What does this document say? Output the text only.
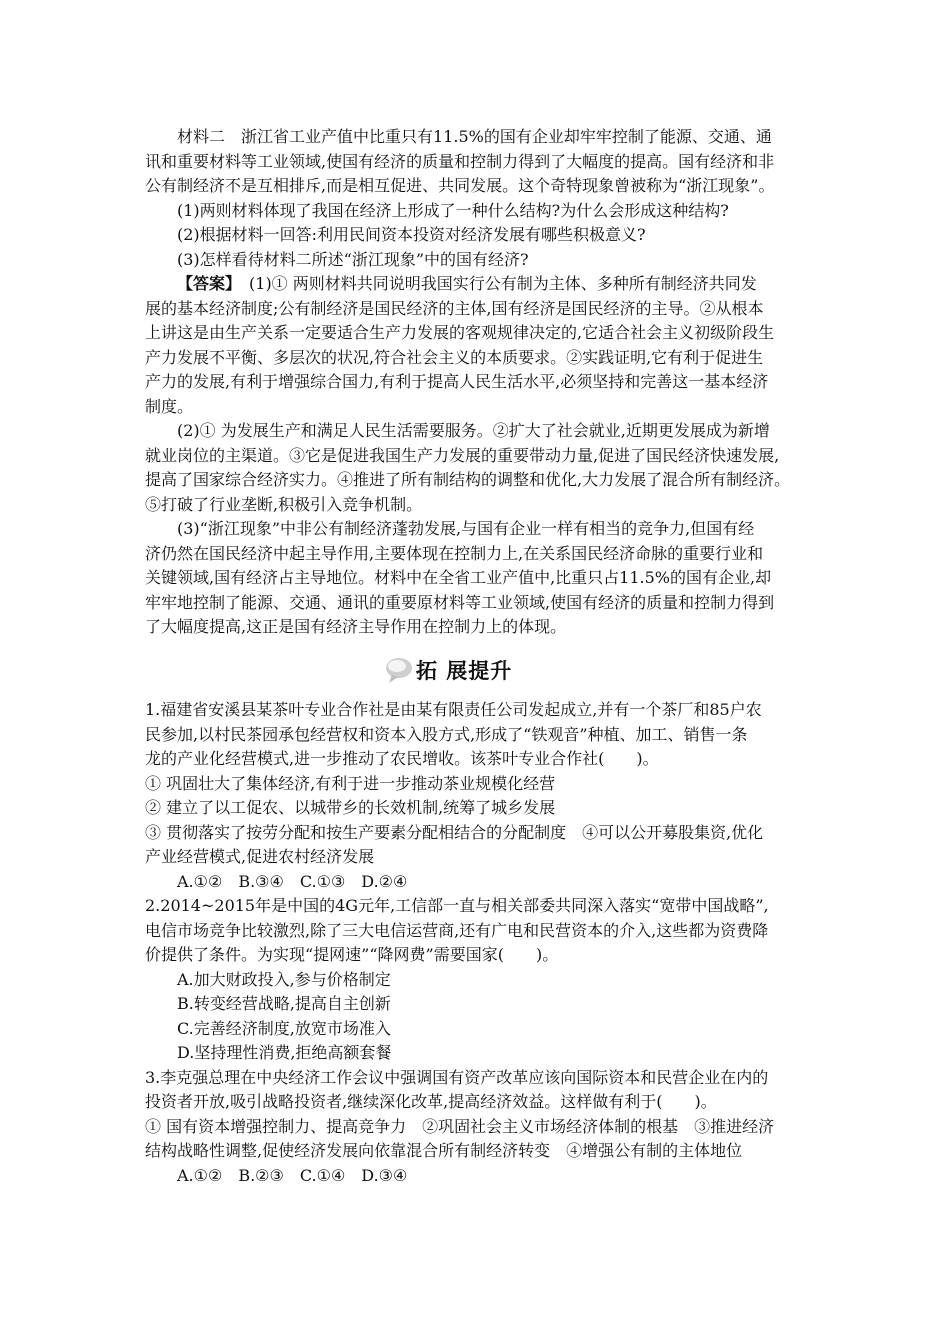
材料二　浙江省工业产值中比重只有11.5%的国有企业却牢牢控制了能源、交通、通
讯和重要材料等工业领域,使国有经济的质量和控制力得到了大幅度的提高。国有经济和非
公有制经济不是互相排斥,而是相互促进、共同发展。这个奇特现象曾被称为“浙江现象”。
(1)两则材料体现了我国在经济上形成了一种什么结构?为什么会形成这种结构?
(2)根据材料一回答:利用民间资本投资对经济发展有哪些积极意义?
(3)怎样看待材料二所述“浙江现象”中的国有经济?
【答案】　(1)① 两则材料共同说明我国实行公有制为主体、多种所有制经济共同发
展的基本经济制度;公有制经济是国民经济的主体,国有经济是国民经济的主导。②从根本
上讲这是由生产关系一定要适合生产力发展的客观规律决定的,它适合社会主义初级阶段生
产力发展不平衡、多层次的状况,符合社会主义的本质要求。②实践证明,它有利于促进生
产力的发展,有利于增强综合国力,有利于提高人民生活水平,必须坚持和完善这一基本经济
制度。
(2)① 为发展生产和满足人民生活需要服务。②扩大了社会就业,近期更发展成为新增
就业岗位的主渠道。③它是促进我国生产力发展的重要带动力量,促进了国民经济快速发展,
提高了国家综合经济实力。④推进了所有制结构的调整和优化,大力发展了混合所有制经济。
⑤打破了行业垄断,积极引入竞争机制。
(3)“浙江现象”中非公有制经济蓬勃发展,与国有企业一样有相当的竞争力,但国有经
济仍然在国民经济中起主导作用,主要体现在控制力上,在关系国民经济命脉的重要行业和
关键领域,国有经济占主导地位。材料中在全省工业产值中,比重只占11.5%的国有企业,却
牢牢地控制了能源、交通、通讯的重要原材料等工业领域,使国有经济的质量和控制力得到
了大幅度提高,这正是国有经济主导作用在控制力上的体现。
拓 展提升
1.福建省安溪县某茶叶专业合作社是由某有限责任公司发起成立,并有一个茶厂和85户农
民参加,以村民茶园承包经营权和资本入股方式,形成了“铁观音”种植、加工、销售一条
龙的产业化经营模式,进一步推动了农民增收。该茶叶专业合作社(　　)。
① 巩固壮大了集体经济,有利于进一步推动茶业规模化经营
② 建立了以工促农、以城带乡的长效机制,统筹了城乡发展
③ 贯彻落实了按劳分配和按生产要素分配相结合的分配制度　④可以公开募股集资,优化
产业经营模式,促进农村经济发展
A.①②　B.③④　C.①③　D.②④
2.2014~2015年是中国的4G元年,工信部一直与相关部委共同深入落实“宽带中国战略”,
电信市场竞争比较激烈,除了三大电信运营商,还有广电和民营资本的介入,这些都为资费降
价提供了条件。为实现“提网速”“降网费”需要国家(　　)。
A.加大财政投入,参与价格制定
B.转变经营战略,提高自主创新
C.完善经济制度,放宽市场准入
D.坚持理性消费,拒绝高额套餐
3.李克强总理在中央经济工作会议中强调国有资产改革应该向国际资本和民营企业在内的
投资者开放,吸引战略投资者,继续深化改革,提高经济效益。这样做有利于(　　)。
① 国有资本增强控制力、提高竞争力　②巩固社会主义市场经济体制的根基　③推进经济
结构战略性调整,促使经济发展向依靠混合所有制经济转变　④增强公有制的主体地位
A.①②　B.②③　C.①④　D.③④
